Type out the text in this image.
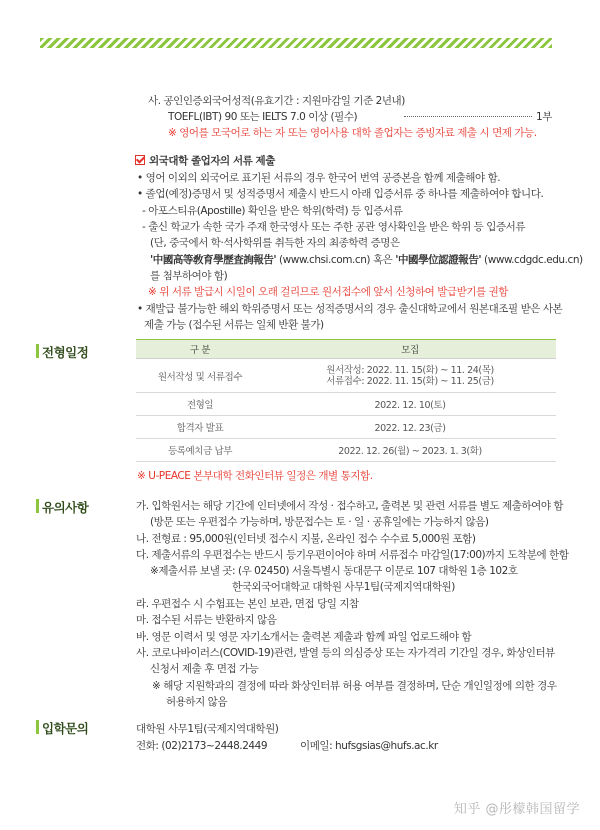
사. 공인인증외국어성적(유효기간 : 지원마감일 기준 2년내)
TOEFL(IBT) 90 또는 IELTS 7.0 이상 (필수)	1부
※ 영어를 모국어로 하는 자 또는 영어사용 대학 졸업자는 증빙자료 제출 시 면제 가능.
외국대학 졸업자의 서류 제출
• 영어 이외의 외국어로 표기된 서류의 경우 한국어 번역 공증본을 함께 제출해야 함.
• 졸업(예정)증명서 및 성적증명서 제출시 반드시 아래 입증서류 중 하나를 제출하여야 합니다.
- 아포스티유(Apostille) 확인을 받은 학위(학력) 등 입증서류
- 출신 학교가 속한 국가 주재 한국영사 또는 주한 공관 영사확인을 받은 학위 등 입증서류
(단, 중국에서 학·석사학위를 취득한 자의 최종학력 증명은
'中國高等敎育學歷査詢報告' (www.chsi.com.cn) 혹은 '中國學位認證報告' (www.cdgdc.edu.cn)
를 첨부하여야 함)
※ 위 서류 발급시 시일이 오래 걸리므로 원서접수에 앞서 신청하여 발급받기를 권함
• 재발급 불가능한 해외 학위증명서 또는 성적증명서의 경우 출신대학교에서 원본대조필 받은 사본
제출 가능 (접수된 서류는 일체 반환 불가)
전형일정	구 분	모집
원서작성 및 서류접수	원서작성: 2022. 11. 15(화) ~ 11. 24(목)
서류접수: 2022. 11. 15(화) ~ 11. 25(금)

전형일	2022. 12. 10(토)
합격자 발표	2022. 12. 23(금)
등록예치금 납부	2022. 12. 26(월) ~ 2023. 1. 3(화)
※ U-PEACE 본부대학 전화인터뷰 일정은 개별 통지함.
유의사항	가. 입학원서는 해당 기간에 인터넷에서 작성 · 접수하고, 출력본 및 관련 서류를 별도 제출하여야 함
(방문 또는 우편접수 가능하며, 방문접수는 토 · 일 · 공휴일에는 가능하지 않음)
나. 전형료 : 95,000원(인터넷 접수시 지불, 온라인 접수 수수료 5,000원 포함)
다. 제출서류의 우편접수는 반드시 등기우편이어야 하며 서류접수 마감일(17:00)까지 도착분에 한함
※제출서류 보낼 곳: (우 02450) 서울특별시 동대문구 이문로 107 대학원 1층 102호
한국외국어대학교 대학원 사무1팀(국제지역대학원)
라. 우편접수 시 수험표는 본인 보관, 면접 당일 지참
마. 접수된 서류는 반환하지 않음
바. 영문 이력서 및 영문 자기소개서는 출력본 제출과 함께 파일 업로드해야 함
사. 코로나바이러스(COVID-19)관련, 발열 등의 의심증상 또는 자가격리 기간일 경우, 화상인터뷰
신청서 제출 후 면접 가능
※ 해당 지원학과의 결정에 따라 화상인터뷰 허용 여부를 결정하며, 단순 개인일정에 의한 경우
허용하지 않음
입학문의	대학원 사무1팀(국제지역대학원)
전화: (02)2173~2448.2449	이메일: hufsgsias@hufs.ac.kr
知乎 @彤檬韩国留学
